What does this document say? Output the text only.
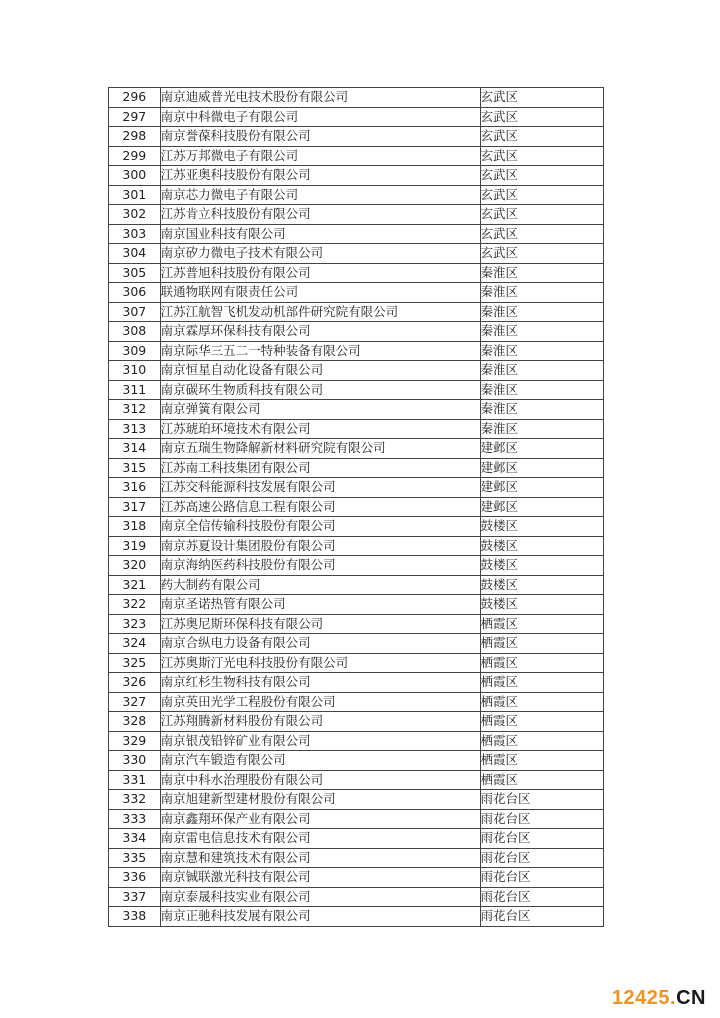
296	南京迪威普光电技术股份有限公司	玄武区
297	南京中科微电子有限公司	玄武区
298	南京誉葆科技股份有限公司	玄武区
299	江苏万邦微电子有限公司	玄武区
300	江苏亚奥科技股份有限公司	玄武区
301	南京芯力微电子有限公司	玄武区
302	江苏肯立科技股份有限公司	玄武区
303	南京国业科技有限公司	玄武区
304	南京矽力微电子技术有限公司	玄武区
305	江苏普旭科技股份有限公司	秦淮区
306	联通物联网有限责任公司	秦淮区
307	江苏江航智飞机发动机部件研究院有限公司	秦淮区
308	南京霖厚环保科技有限公司	秦淮区
309	南京际华三五二一特种装备有限公司	秦淮区
310	南京恒星自动化设备有限公司	秦淮区
311	南京碳环生物质科技有限公司	秦淮区
312	南京弹簧有限公司	秦淮区
313	江苏琥珀环境技术有限公司	秦淮区
314	南京五瑞生物降解新材料研究院有限公司	建邺区
315	江苏南工科技集团有限公司	建邺区
316	江苏交科能源科技发展有限公司	建邺区
317	江苏高速公路信息工程有限公司	建邺区
318	南京全信传输科技股份有限公司	鼓楼区
319	南京苏夏设计集团股份有限公司	鼓楼区
320	南京海纳医药科技股份有限公司	鼓楼区
321	药大制药有限公司	鼓楼区
322	南京圣诺热管有限公司	鼓楼区
323	江苏奥尼斯环保科技有限公司	栖霞区
324	南京合纵电力设备有限公司	栖霞区
325	江苏奥斯汀光电科技股份有限公司	栖霞区
326	南京红杉生物科技有限公司	栖霞区
327	南京英田光学工程股份有限公司	栖霞区
328	江苏翔腾新材料股份有限公司	栖霞区
329	南京银茂铅锌矿业有限公司	栖霞区
330	南京汽车锻造有限公司	栖霞区
331	南京中科水治理股份有限公司	栖霞区
332	南京旭建新型建材股份有限公司	雨花台区
333	南京鑫翔环保产业有限公司	雨花台区
334	南京雷电信息技术有限公司	雨花台区
335	南京慧和建筑技术有限公司	雨花台区
336	南京铖联激光科技有限公司	雨花台区
337	南京泰晟科技实业有限公司	雨花台区
338	南京正驰科技发展有限公司	雨花台区
12425.CN
